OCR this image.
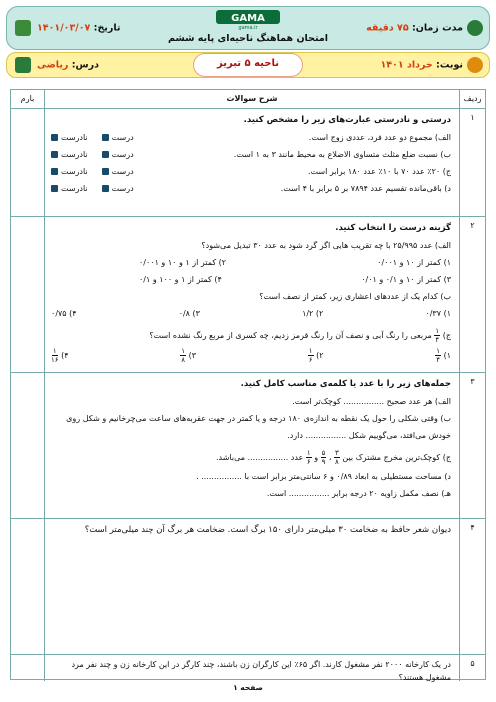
مدت زمان: ۷۵ دقیقه
GAMA
gama.ir
امتحان هماهنگ ناحیه‌ای پایه ششم
تاریخ: ۱۴۰۱/۰۳/۰۷
نوبت: خرداد ۱۴۰۱
درس: ریاضی	ناحیه ۵ تبریز
ردیف
شرح سوالات
بارم
۱
درستی و نادرستی عبارت‌های زیر را مشخص کنید.
الف) مجموع دو عدد فرد، عددی زوج است.
درست
نادرست
ب) نسبت ضلع مثلث متساوی الاضلاع به محیط مانند ۳ به ۱ است.
درست
نادرست
ج) ۲۰٪ عدد ۷۰ با ۱۰٪ عدد ۱۸۰ برابر است.
درست
نادرست
د) باقی‌مانده تقسیم عدد ۷۸۹۴ بر ۵ برابر با ۴ است.
درست
نادرست
۲
گزینه درست را انتخاب کنید.
الف) عدد ۲۵/۹۹۵ با چه تقریب هایی اگر گرد شود به عدد ۳۰ تبدیل می‌شود؟
۱) کمتر از ۱۰ و ۰/۰۰۱
۲) کمتر از ۱ و ۱۰ و ۰/۰۰۱
۳) کمتر از ۱۰ و ۰/۱ و ۰/۰۱
۴) کمتر از ۱ و ۱۰۰ و ۰/۱
ب) کدام یک از عددهای اعشاری زیر، کمتر از نصف است؟
۱) ۰/۳۷
۲) ۱/۲
۳) ۰/۸
۴) ۰/۷۵
ج)
$\frac{۱}{۴}$
مربعی را رنگ آبی و نصف آن را رنگ قرمز زدیم، چه کسری از مربع رنگ نشده است؟
۱)
$\frac{۱}{۴}$
۲)
$\frac{۱}{۶}$
۳)
$\frac{۱}{۸}$
۴)
$\frac{۱}{۱۶}$
۳
جمله‌های زیر را با عدد یا کلمه‌ی مناسب کامل کنید.
الف) هر عدد صحیح ................ کوچک‌تر است.
ب) وقتی شکلی را حول یک نقطه به اندازه‌ی ۱۸۰ درجه و یا کمتر در جهت عقربه‌های ساعت می‌چرخانیم و شکل روی
خودش می‌افتد، می‌گوییم شکل ................ دارد.
ج) کوچک‌ترین مخرج مشترک بین
$\frac{۳}{۸}$
،
$\frac{۵}{۹}$
و
$\frac{۱}{۶}$
عدد ................ می‌باشد.
د) مساحت مستطیلی به ابعاد ۰/۸۹ و ۶ سانتی‌متر برابر است با ................ .
هـ) نصف مکمل زاویه ۲۰ درجه برابر ................ است.
۴
دیوان شعر حافظ به ضخامت ۳۰ میلی‌متر دارای ۱۵۰ برگ است. ضخامت هر برگ آن چند میلی‌متر است؟
۵
در یک کارخانه ۲۰۰۰ نفر مشغول کارند. اگر ۶۵٪ این کارگران زن باشند، چند کارگر در این کارخانه زن و چند نفر مرد
مشغول هستند؟
صفحه ۱
